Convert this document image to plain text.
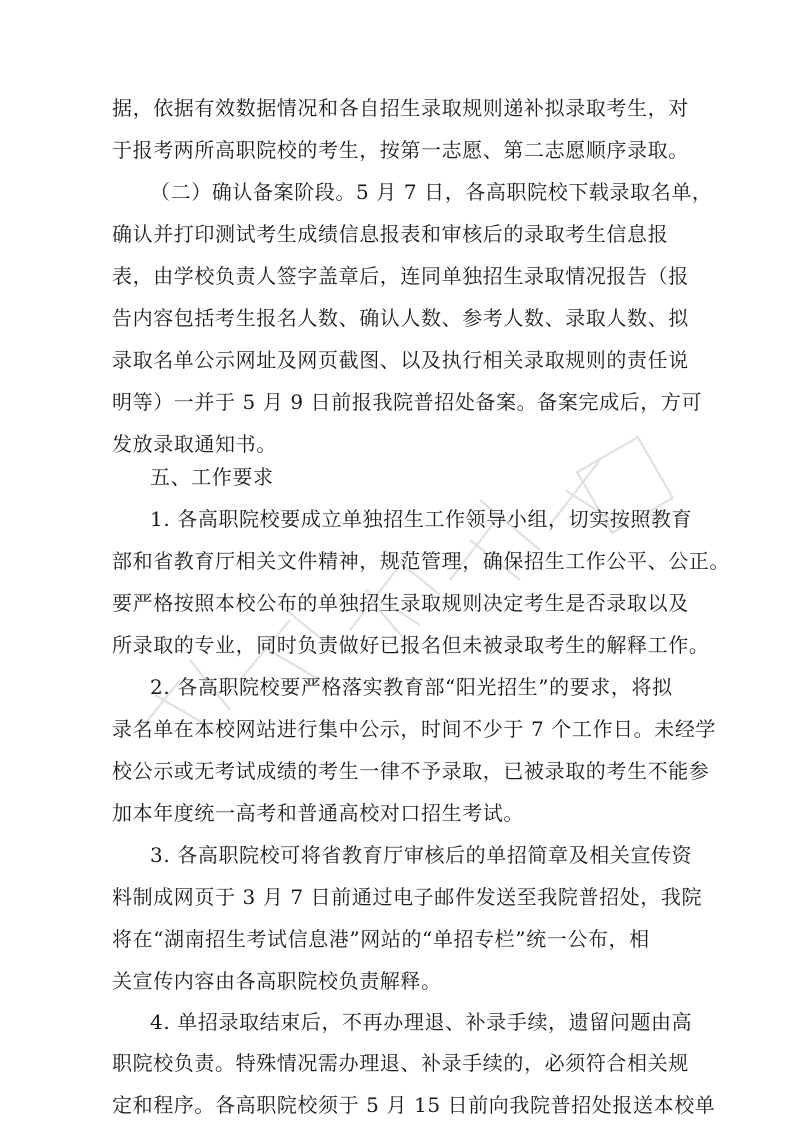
据，依据有效数据情况和各自招生录取规则递补拟录取考生，对
于报考两所高职院校的考生，按第一志愿、第二志愿顺序录取。
（二）确认备案阶段。5 月 7 日，各高职院校下载录取名单，
确认并打印测试考生成绩信息报表和审核后的录取考生信息报
表，由学校负责人签字盖章后，连同单独招生录取情况报告（报
告内容包括考生报名人数、确认人数、参考人数、录取人数、拟
录取名单公示网址及网页截图、以及执行相关录取规则的责任说
明等）一并于 5 月 9 日前报我院普招处备案。备案完成后，方可
发放录取通知书。
五、工作要求
1. 各高职院校要成立单独招生工作领导小组，切实按照教育
部和省教育厅相关文件精神，规范管理，确保招生工作公平、公正。
要严格按照本校公布的单独招生录取规则决定考生是否录取以及
所录取的专业，同时负责做好已报名但未被录取考生的解释工作。
2. 各高职院校要严格落实教育部“阳光招生”的要求，将拟
录名单在本校网站进行集中公示，时间不少于 7 个工作日。未经学
校公示或无考试成绩的考生一律不予录取，已被录取的考生不能参
加本年度统一高考和普通高校对口招生考试。
3. 各高职院校可将省教育厅审核后的单招简章及相关宣传资
料制成网页于 3 月 7 日前通过电子邮件发送至我院普招处，我院
将在“湖南招生考试信息港”网站的“单招专栏”统一公布，相
关宣传内容由各高职院校负责解释。
4. 单招录取结束后，不再办理退、补录手续，遗留问题由高
职院校负责。特殊情况需办理退、补录手续的，必须符合相关规
定和程序。各高职院校须于 5 月 15 日前向我院普招处报送本校单
